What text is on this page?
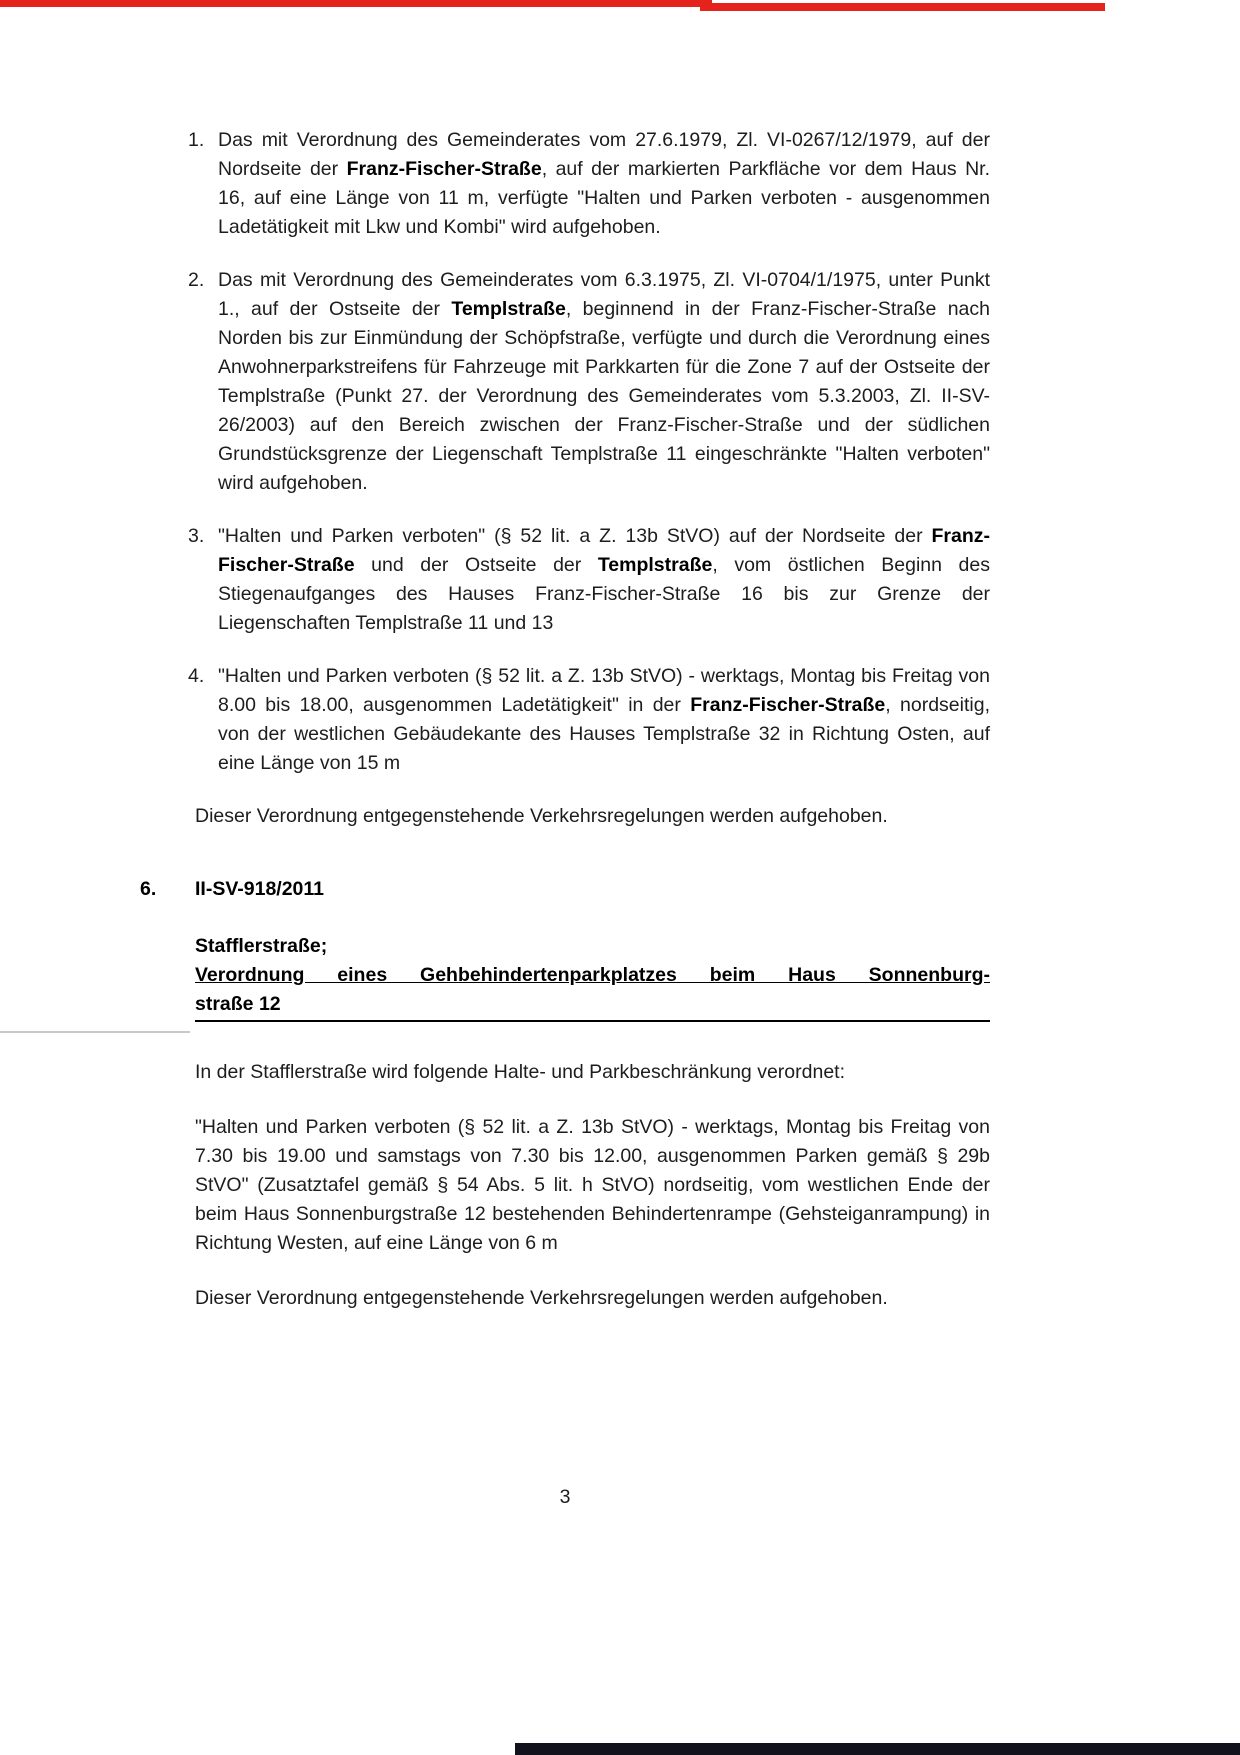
1. Das mit Verordnung des Gemeinderates vom 27.6.1979, Zl. VI-0267/12/1979, auf der Nordseite der Franz-Fischer-Straße, auf der markierten Parkfläche vor dem Haus Nr. 16, auf eine Länge von 11 m, verfügte "Halten und Parken verboten - ausgenommen Ladetätigkeit mit Lkw und Kombi" wird aufgehoben.
2. Das mit Verordnung des Gemeinderates vom 6.3.1975, Zl. VI-0704/1/1975, unter Punkt 1., auf der Ostseite der Templstraße, beginnend in der Franz-Fischer-Straße nach Norden bis zur Einmündung der Schöpfstraße, verfügte und durch die Verordnung eines Anwohnerparkstreifens für Fahrzeuge mit Parkkarten für die Zone 7 auf der Ostseite der Templstraße (Punkt 27. der Verordnung des Gemeinderates vom 5.3.2003, Zl. II-SV-26/2003) auf den Bereich zwischen der Franz-Fischer-Straße und der südlichen Grundstücksgrenze der Liegenschaft Templstraße 11 eingeschränkte "Halten verboten" wird aufgehoben.
3. "Halten und Parken verboten" (§ 52 lit. a Z. 13b StVO) auf der Nordseite der Franz-Fischer-Straße und der Ostseite der Templstraße, vom östlichen Beginn des Stiegenaufganges des Hauses Franz-Fischer-Straße 16 bis zur Grenze der Liegenschaften Templstraße 11 und 13
4. "Halten und Parken verboten (§ 52 lit. a Z. 13b StVO) - werktags, Montag bis Freitag von 8.00 bis 18.00, ausgenommen Ladetätigkeit" in der Franz-Fischer-Straße, nordseitig, von der westlichen Gebäudekante des Hauses Templstraße 32 in Richtung Osten, auf eine Länge von 15 m
Dieser Verordnung entgegenstehende Verkehrsregelungen werden aufgehoben.
6.	II-SV-918/2011
Stafflerstraße;
Verordnung eines Gehbehindertenparkplatzes beim Haus Sonnenburg-
straße 12
In der Stafflerstraße wird folgende Halte- und Parkbeschränkung verordnet:
"Halten und Parken verboten (§ 52 lit. a Z. 13b StVO) - werktags, Montag bis Freitag von 7.30 bis 19.00 und samstags von 7.30 bis 12.00, ausgenommen Parken gemäß § 29b StVO" (Zusatztafel gemäß § 54 Abs. 5 lit. h StVO) nordseitig, vom westlichen Ende der beim Haus Sonnenburgstraße 12 bestehenden Behindertenrampe (Gehsteiganrampung) in Richtung Westen, auf eine Länge von 6 m
Dieser Verordnung entgegenstehende Verkehrsregelungen werden aufgehoben.
3
